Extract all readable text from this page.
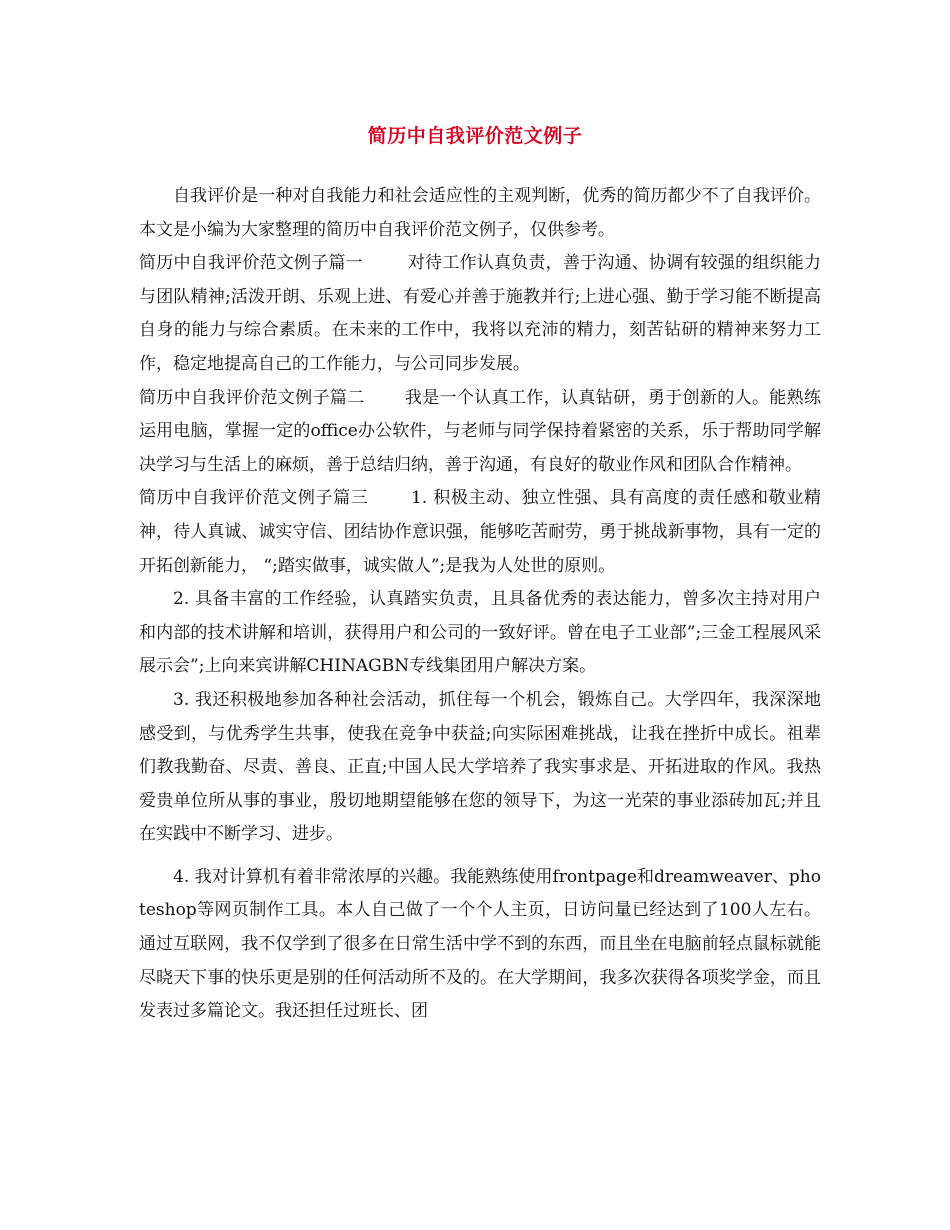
简历中自我评价范文例子

自我评价是一种对自我能力和社会适应性的主观判断，优秀的简历都少不了自我评价。本文是小编为大家整理的简历中自我评价范文例子，仅供参考。

简历中自我评价范文例子篇一	对待工作认真负责，善于沟通、协调有较强的组织能力与团队精神;活泼开朗、乐观上进、有爱心并善于施教并行;上进心强、勤于学习能不断提高自身的能力与综合素质。在未来的工作中，我将以充沛的精力，刻苦钻研的精神来努力工作，稳定地提高自己的工作能力，与公司同步发展。

简历中自我评价范文例子篇二 我是一个认真工作，认真钻研，勇于创新的人。能熟练运用电脑，掌握一定的office办公软件，与老师与同学保持着紧密的关系，乐于帮助同学解决学习与生活上的麻烦，善于总结归纳，善于沟通，有良好的敬业作风和团队合作精神。

简历中自我评价范文例子篇三 1. 积极主动、独立性强、具有高度的责任感和敬业精神，待人真诚、诚实守信、团结协作意识强，能够吃苦耐劳，勇于挑战新事物，具有一定的开拓创新能力， “;踏实做事，诚实做人”;是我为人处世的原则。

2. 具备丰富的工作经验，认真踏实负责，且具备优秀的表达能力，曾多次主持对用户和内部的技术讲解和培训，获得用户和公司的一致好评。曾在电子工业部”;三金工程展风采展示会”;上向来宾讲解CHINAGBN专线集团用户解决方案。

3. 我还积极地参加各种社会活动，抓住每一个机会，锻炼自己。大学四年，我深深地感受到，与优秀学生共事，使我在竞争中获益;向实际困难挑战，让我在挫折中成长。祖辈们教我勤奋、尽责、善良、正直;中国人民大学培养了我实事求是、开拓进取的作风。我热爱贵单位所从事的事业，殷切地期望能够在您的领导下，为这一光荣的事业添砖加瓦;并且在实践中不断学习、进步。

4. 我对计算机有着非常浓厚的兴趣。我能熟练使用frontpage和dreamweaver、photeshop等网页制作工具。本人自己做了一个个人主页，日访问量已经达到了100人左右。通过互联网，我不仅学到了很多在日常生活中学不到的东西，而且坐在电脑前轻点鼠标就能尽晓天下事的快乐更是别的任何活动所不及的。在大学期间，我多次获得各项奖学金，而且发表过多篇论文。我还担任过班长、团
